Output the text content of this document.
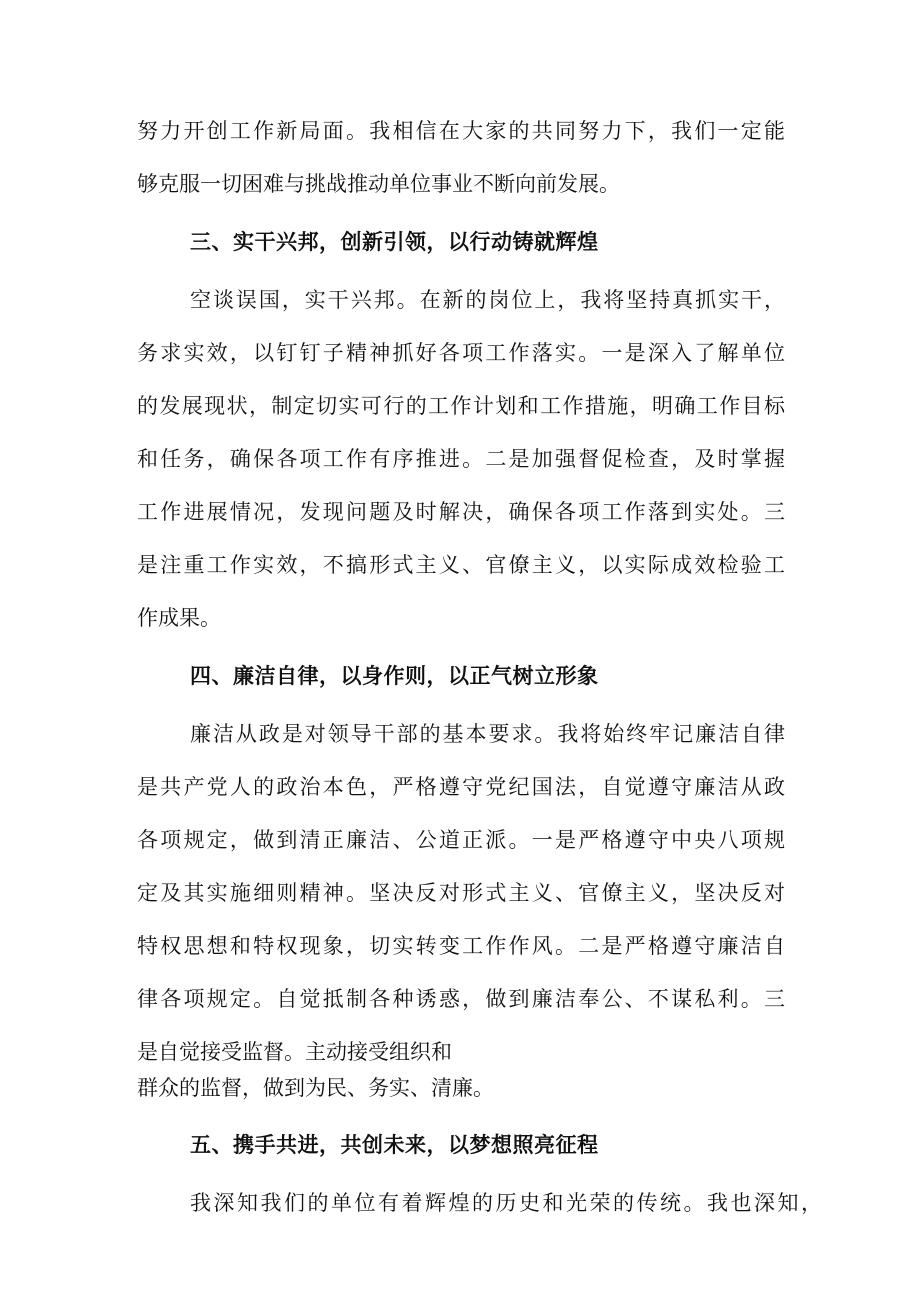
努力开创工作新局面。我相信在大家的共同努力下，我们一定能
够克服一切困难与挑战推动单位事业不断向前发展。
三、实干兴邦，创新引领，以行动铸就辉煌
空谈误国，实干兴邦。在新的岗位上，我将坚持真抓实干，
务求实效，以钉钉子精神抓好各项工作落实。一是深入了解单位
的发展现状，制定切实可行的工作计划和工作措施，明确工作目标
和任务，确保各项工作有序推进。二是加强督促检查，及时掌握
工作进展情况，发现问题及时解决，确保各项工作落到实处。三
是注重工作实效，不搞形式主义、官僚主义，以实际成效检验工
作成果。
四、廉洁自律，以身作则，以正气树立形象
廉洁从政是对领导干部的基本要求。我将始终牢记廉洁自律
是共产党人的政治本色，严格遵守党纪国法，自觉遵守廉洁从政
各项规定，做到清正廉洁、公道正派。一是严格遵守中央八项规
定及其实施细则精神。坚决反对形式主义、官僚主义，坚决反对
特权思想和特权现象，切实转变工作作风。二是严格遵守廉洁自
律各项规定。自觉抵制各种诱惑，做到廉洁奉公、不谋私利。三
是自觉接受监督。主动接受组织和
群众的监督，做到为民、务实、清廉。
五、携手共进，共创未来，以梦想照亮征程
我深知我们的单位有着辉煌的历史和光荣的传统。我也深知，
